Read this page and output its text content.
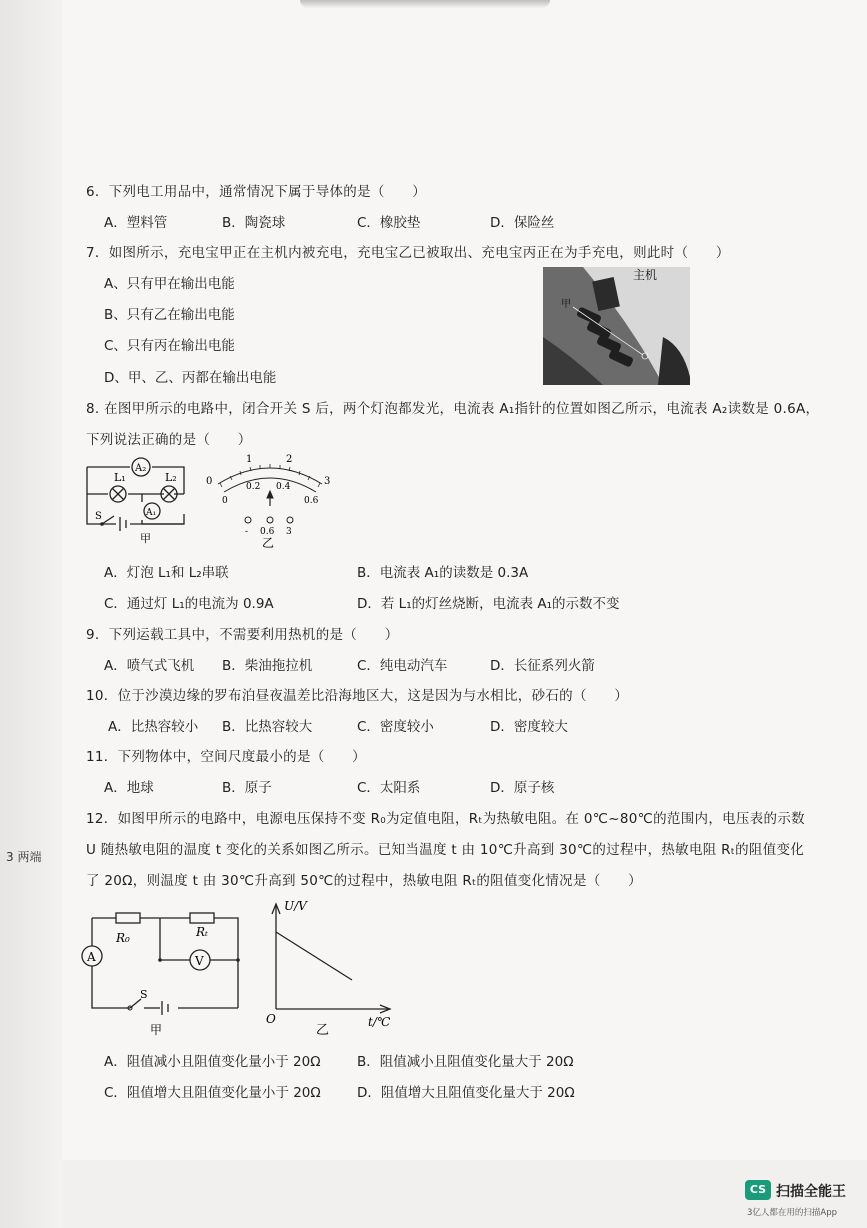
6．下列电工用品中，通常情况下属于导体的是（　　）
A．塑料管	B．陶瓷球	C．橡胶垫	D．保险丝
7．如图所示，充电宝甲正在主机内被充电，充电宝乙已被取出、充电宝丙正在为手充电，则此时（　　）
A、只有甲在输出电能
B、只有乙在输出电能
C、只有丙在输出电能
D、甲、乙、丙都在输出电能
主机
甲
8. 在图甲所示的电路中，闭合开关 S 后，两个灯泡都发光，电流表 A₁指针的位置如图乙所示，电流表 A₂读数是 0.6A，
下列说法正确的是（　　）
A₂
L₁	L₂
A₁
S
甲
0
1	2
3
0
0.2 0.4
0.6
- 0.6 3
乙
A．灯泡 L₁和 L₂串联	B．电流表 A₁的读数是 0.3A
C．通过灯 L₁的电流为 0.9A	D．若 L₁的灯丝烧断，电流表 A₁的示数不变
9．下列运载工具中，不需要利用热机的是（　　）
A．喷气式飞机 B．柴油拖拉机	C．纯电动汽车	D．长征系列火箭
10．位于沙漠边缘的罗布泊昼夜温差比沿海地区大，这是因为与水相比，砂石的（　　）
A．比热容较小 B．比热容较大	C．密度较小	D．密度较大
11．下列物体中，空间尺度最小的是（　　）
A．地球	B．原子	C．太阳系	D．原子核
12．如图甲所示的电路中，电源电压保持不变 R₀为定值电阻，Rₜ为热敏电阻。在 0℃~80℃的范围内，电压表的示数
U 随热敏电阻的温度 t 变化的关系如图乙所示。已知当温度 t 由 10℃升高到 30℃的过程中，热敏电阻 Rₜ的阻值变化
了 20Ω，则温度 t 由 30℃升高到 50℃的过程中，热敏电阻 Rₜ的阻值变化情况是（　　）
3 两端
R₀	Rₜ
A	V
S
甲
U/V
t/℃
O
乙
A．阻值减小且阻值变化量小于 20Ω	B．阻值减小且阻值变化量大于 20Ω
C．阻值增大且阻值变化量小于 20Ω	D．阻值增大且阻值变化量大于 20Ω
CS 扫描全能王
3亿人都在用的扫描App
